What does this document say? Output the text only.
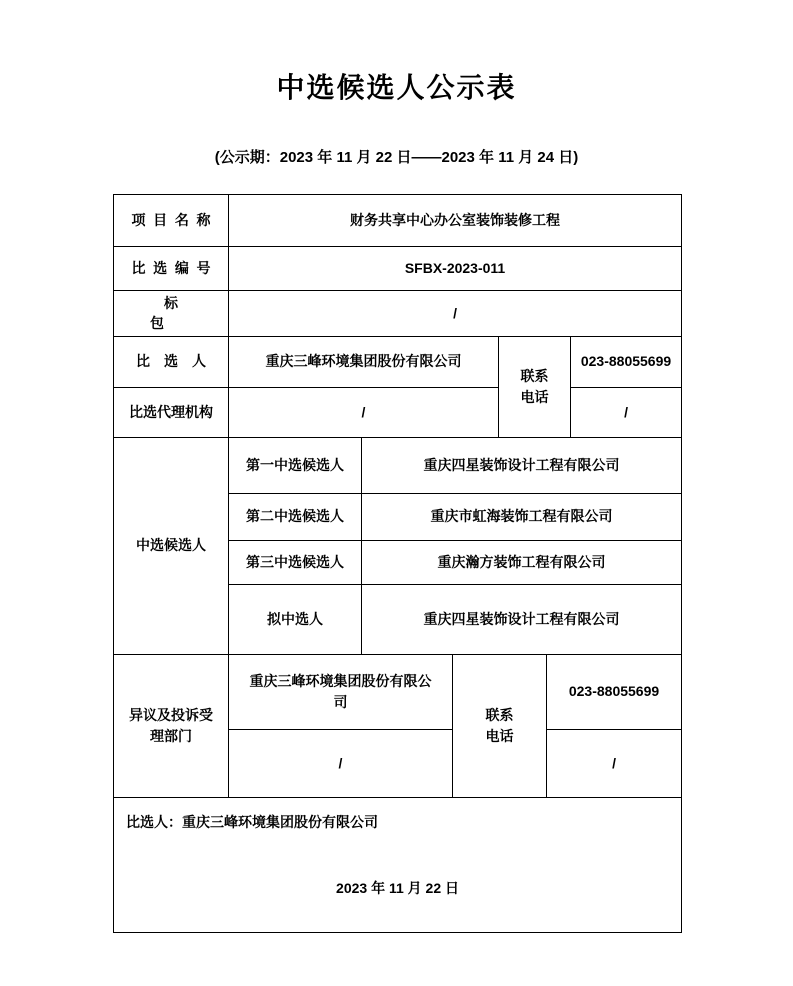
中选候选人公示表
(公示期：2023 年 11 月 22 日——2023 年 11 月 24 日)
项目名称	财务共享中心办公室装饰装修工程					
比选编号	SFBX-2023-011					
标包	/					
比选人	重庆三峰环境集团股份有限公司			联系电话		023-88055699
比选代理机构	/					/
中选候选人	第一中选候选人	重庆四星装饰设计工程有限公司				
	第二中选候选人	重庆市虹海装饰工程有限公司				
	第三中选候选人	重庆瀚方装饰工程有限公司				
	拟中选人	重庆四星装饰设计工程有限公司				
异议及投诉受理部门	重庆三峰环境集团股份有限公司		联系电话		023-88055699	
	/				/	

比选人：重庆三峰环境集团股份有限公司
2023 年 11 月 22 日						
